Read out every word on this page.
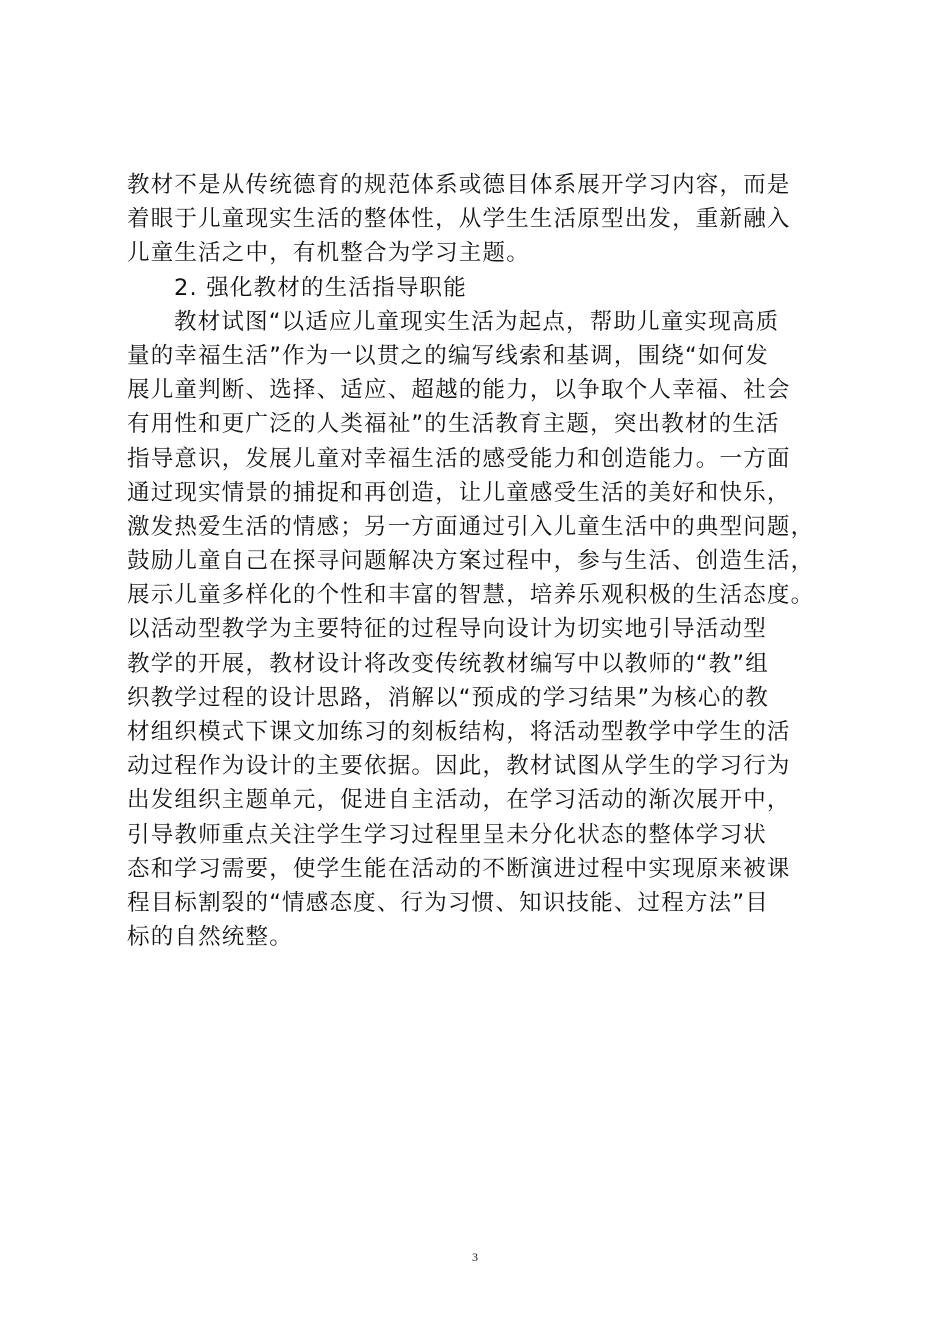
教材不是从传统德育的规范体系或德目体系展开学习内容，而是
着眼于儿童现实生活的整体性，从学生生活原型出发，重新融入
儿童生活之中，有机整合为学习主题。
2. 强化教材的生活指导职能
教材试图“以适应儿童现实生活为起点，帮助儿童实现高质
量的幸福生活”作为一以贯之的编写线索和基调，围绕“如何发
展儿童判断、选择、适应、超越的能力，以争取个人幸福、社会
有用性和更广泛的人类福祉”的生活教育主题，突出教材的生活
指导意识，发展儿童对幸福生活的感受能力和创造能力。一方面
通过现实情景的捕捉和再创造，让儿童感受生活的美好和快乐，
激发热爱生活的情感；另一方面通过引入儿童生活中的典型问题，
鼓励儿童自己在探寻问题解决方案过程中，参与生活、创造生活，
展示儿童多样化的个性和丰富的智慧，培养乐观积极的生活态度。
以活动型教学为主要特征的过程导向设计为切实地引导活动型
教学的开展，教材设计将改变传统教材编写中以教师的“教”组
织教学过程的设计思路，消解以“预成的学习结果”为核心的教
材组织模式下课文加练习的刻板结构，将活动型教学中学生的活
动过程作为设计的主要依据。因此，教材试图从学生的学习行为
出发组织主题单元，促进自主活动，在学习活动的渐次展开中，
引导教师重点关注学生学习过程里呈未分化状态的整体学习状
态和学习需要，使学生能在活动的不断演进过程中实现原来被课
程目标割裂的“情感态度、行为习惯、知识技能、过程方法”目
标的自然统整。
3
